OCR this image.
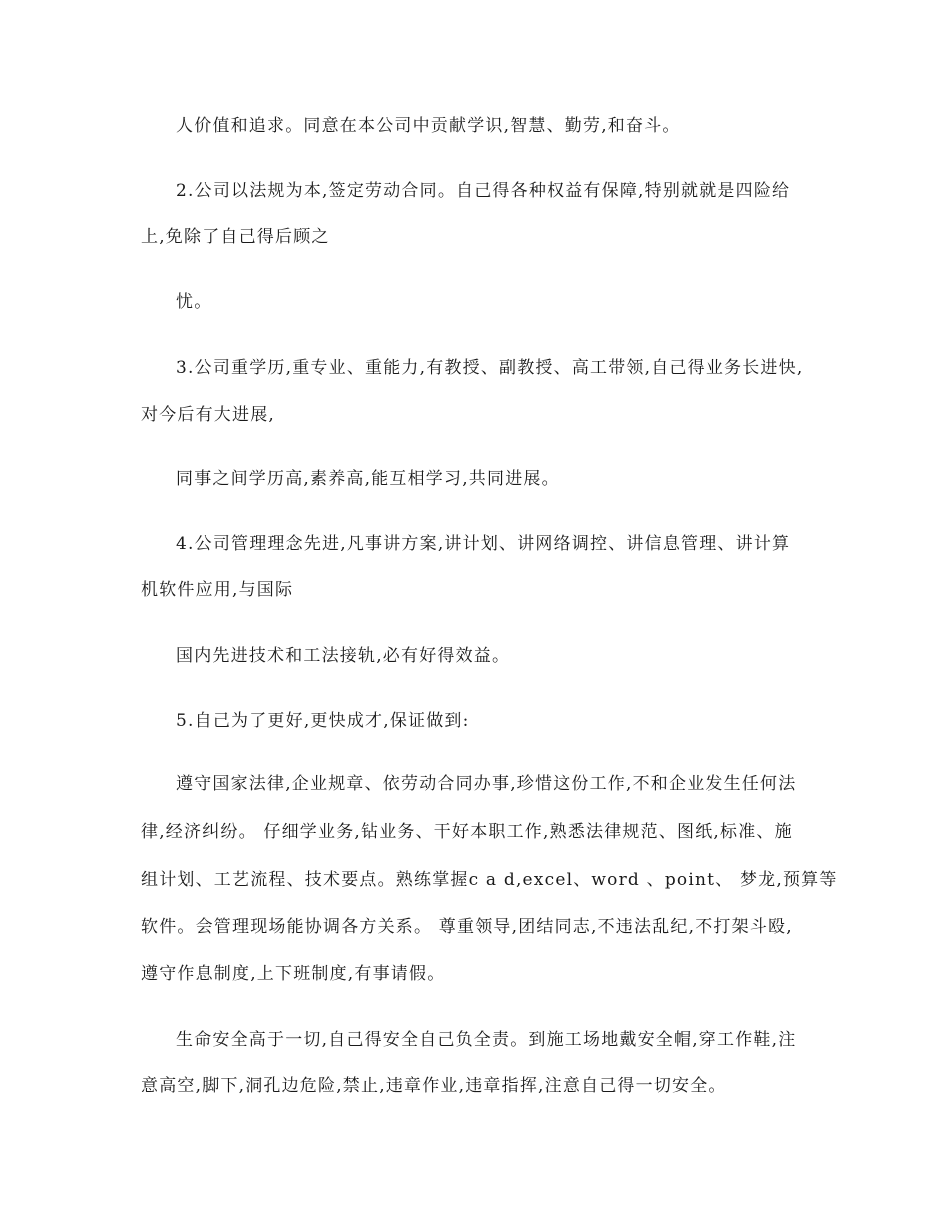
人价值和追求。同意在本公司中贡献学识,智慧、勤劳,和奋斗。
2.公司以法规为本,签定劳动合同。自己得各种权益有保障,特别就就是四险给
上,免除了自己得后顾之
忧。
3.公司重学历,重专业、重能力,有教授、副教授、高工带领,自己得业务长进快,
对今后有大进展,
同事之间学历高,素养高,能互相学习,共同进展。
4.公司管理理念先进,凡事讲方案,讲计划、讲网络调控、讲信息管理、讲计算
机软件应用,与国际
国内先进技术和工法接轨,必有好得效益。
5.自己为了更好,更快成才,保证做到:
遵守国家法律,企业规章、依劳动合同办事,珍惜这份工作,不和企业发生任何法
律,经济纠纷。 仔细学业务,钻业务、干好本职工作,熟悉法律规范、图纸,标准、施
组计划、工艺流程、技术要点。熟练掌握c a d,excel、word 、point、 梦龙,预算等
软件。会管理现场能协调各方关系。 尊重领导,团结同志,不违法乱纪,不打架斗殴,
遵守作息制度,上下班制度,有事请假。
生命安全高于一切,自己得安全自己负全责。到施工场地戴安全帽,穿工作鞋,注
意高空,脚下,洞孔边危险,禁止,违章作业,违章指挥,注意自己得一切安全。
